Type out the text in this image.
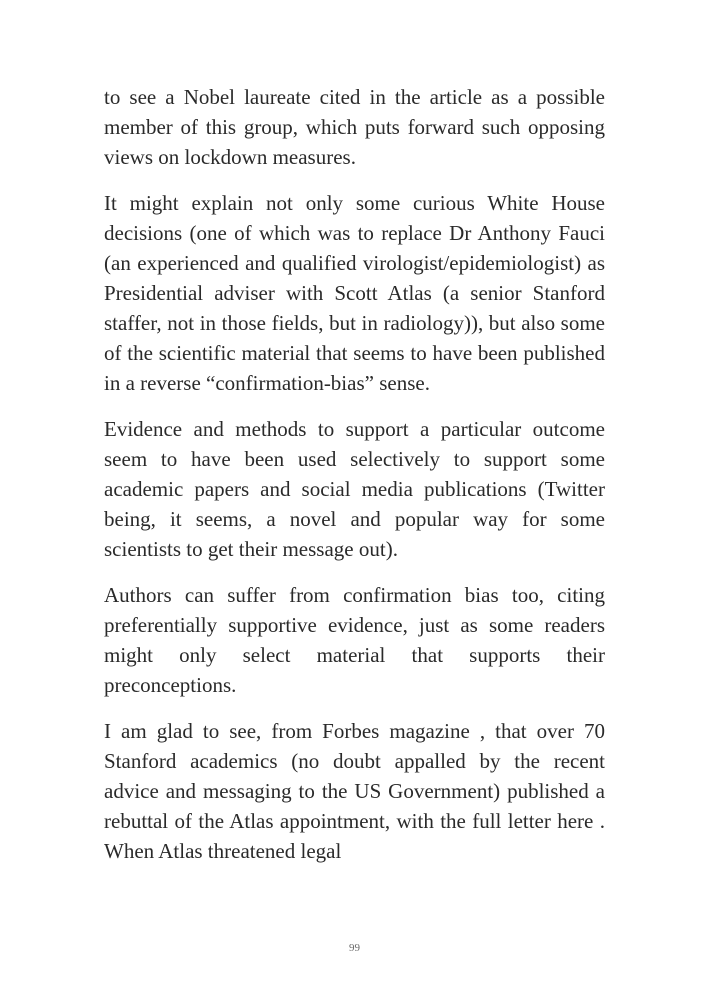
to see a Nobel laureate cited in the article as a possible member of this group, which puts forward such opposing views on lockdown measures.

It might explain not only some curious White House decisions (one of which was to replace Dr Anthony Fauci (an experienced and qualified virologist/epidemiologist) as Presidential adviser with Scott Atlas (a senior Stanford staffer, not in those fields, but in radiology)), but also some of the scientific material that seems to have been published in a reverse “confirmation-bias” sense.

Evidence and methods to support a particular outcome seem to have been used selectively to support some academic papers and social media publications (Twitter being, it seems, a novel and popular way for some scientists to get their message out).

Authors can suffer from confirmation bias too, citing preferentially supportive evidence, just as some readers might only select material that supports their preconceptions.

I am glad to see, from Forbes magazine , that over 70 Stanford academics (no doubt appalled by the recent advice and messaging to the US Government) published a rebuttal of the Atlas appointment, with the full letter here . When Atlas threatened legal

99
